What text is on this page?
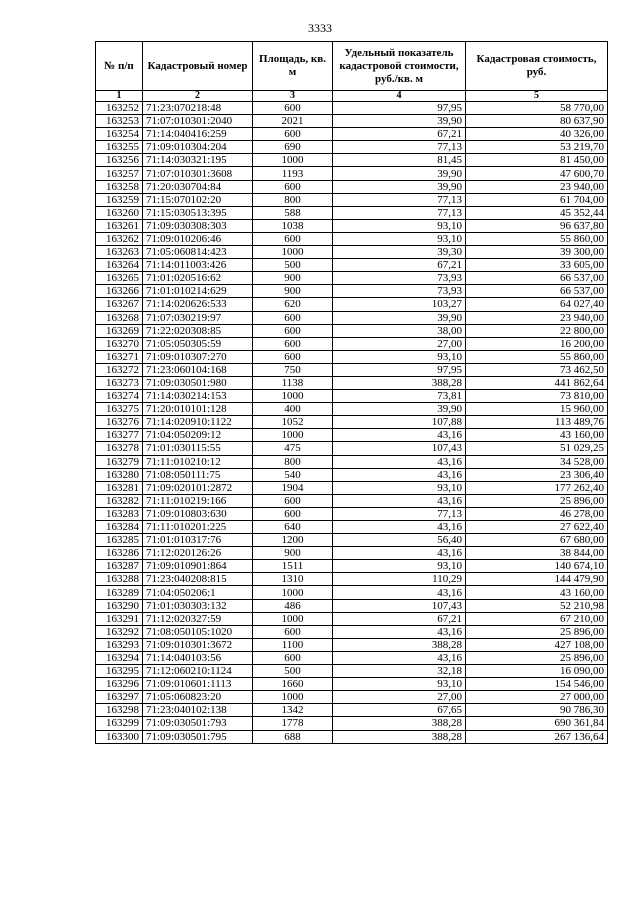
3333
№ п/п	Кадастровый номер	Площадь, кв. м	Удельный показатель кадастровой стоимости, руб./кв. м	Кадастровая стоимость, руб.
1	2	3	4	5
163252	71:23:070218:48	600	97,95	58 770,00
163253	71:07:010301:2040	2021	39,90	80 637,90
163254	71:14:040416:259	600	67,21	40 326,00
163255	71:09:010304:204	690	77,13	53 219,70
163256	71:14:030321:195	1000	81,45	81 450,00
163257	71:07:010301:3608	1193	39,90	47 600,70
163258	71:20:030704:84	600	39,90	23 940,00
163259	71:15:070102:20	800	77,13	61 704,00
163260	71:15:030513:395	588	77,13	45 352,44
163261	71:09:030308:303	1038	93,10	96 637,80
163262	71:09:010206:46	600	93,10	55 860,00
163263	71:05:060814:423	1000	39,30	39 300,00
163264	71:14:011003:426	500	67,21	33 605,00
163265	71:01:020516:62	900	73,93	66 537,00
163266	71:01:010214:629	900	73,93	66 537,00
163267	71:14:020626:533	620	103,27	64 027,40
163268	71:07:030219:97	600	39,90	23 940,00
163269	71:22:020308:85	600	38,00	22 800,00
163270	71:05:050305:59	600	27,00	16 200,00
163271	71:09:010307:270	600	93,10	55 860,00
163272	71:23:060104:168	750	97,95	73 462,50
163273	71:09:030501:980	1138	388,28	441 862,64
163274	71:14:030214:153	1000	73,81	73 810,00
163275	71:20:010101:128	400	39,90	15 960,00
163276	71:14:020910:1122	1052	107,88	113 489,76
163277	71:04:050209:12	1000	43,16	43 160,00
163278	71:01:030115:55	475	107,43	51 029,25
163279	71:11:010210:12	800	43,16	34 528,00
163280	71:08:050111:75	540	43,16	23 306,40
163281	71:09:020101:2872	1904	93,10	177 262,40
163282	71:11:010219:166	600	43,16	25 896,00
163283	71:09:010803:630	600	77,13	46 278,00
163284	71:11:010201:225	640	43,16	27 622,40
163285	71:01:010317:76	1200	56,40	67 680,00
163286	71:12:020126:26	900	43,16	38 844,00
163287	71:09:010901:864	1511	93,10	140 674,10
163288	71:23:040208:815	1310	110,29	144 479,90
163289	71:04:050206:1	1000	43,16	43 160,00
163290	71:01:030303:132	486	107,43	52 210,98
163291	71:12:020327:59	1000	67,21	67 210,00
163292	71:08:050105:1020	600	43,16	25 896,00
163293	71:09:010301:3672	1100	388,28	427 108,00
163294	71:14:040103:56	600	43,16	25 896,00
163295	71:12:060210:1124	500	32,18	16 090,00
163296	71:09:010601:1113	1660	93,10	154 546,00
163297	71:05:060823:20	1000	27,00	27 000,00
163298	71:23:040102:138	1342	67,65	90 786,30
163299	71:09:030501:793	1778	388,28	690 361,84
163300	71:09:030501:795	688	388,28	267 136,64
